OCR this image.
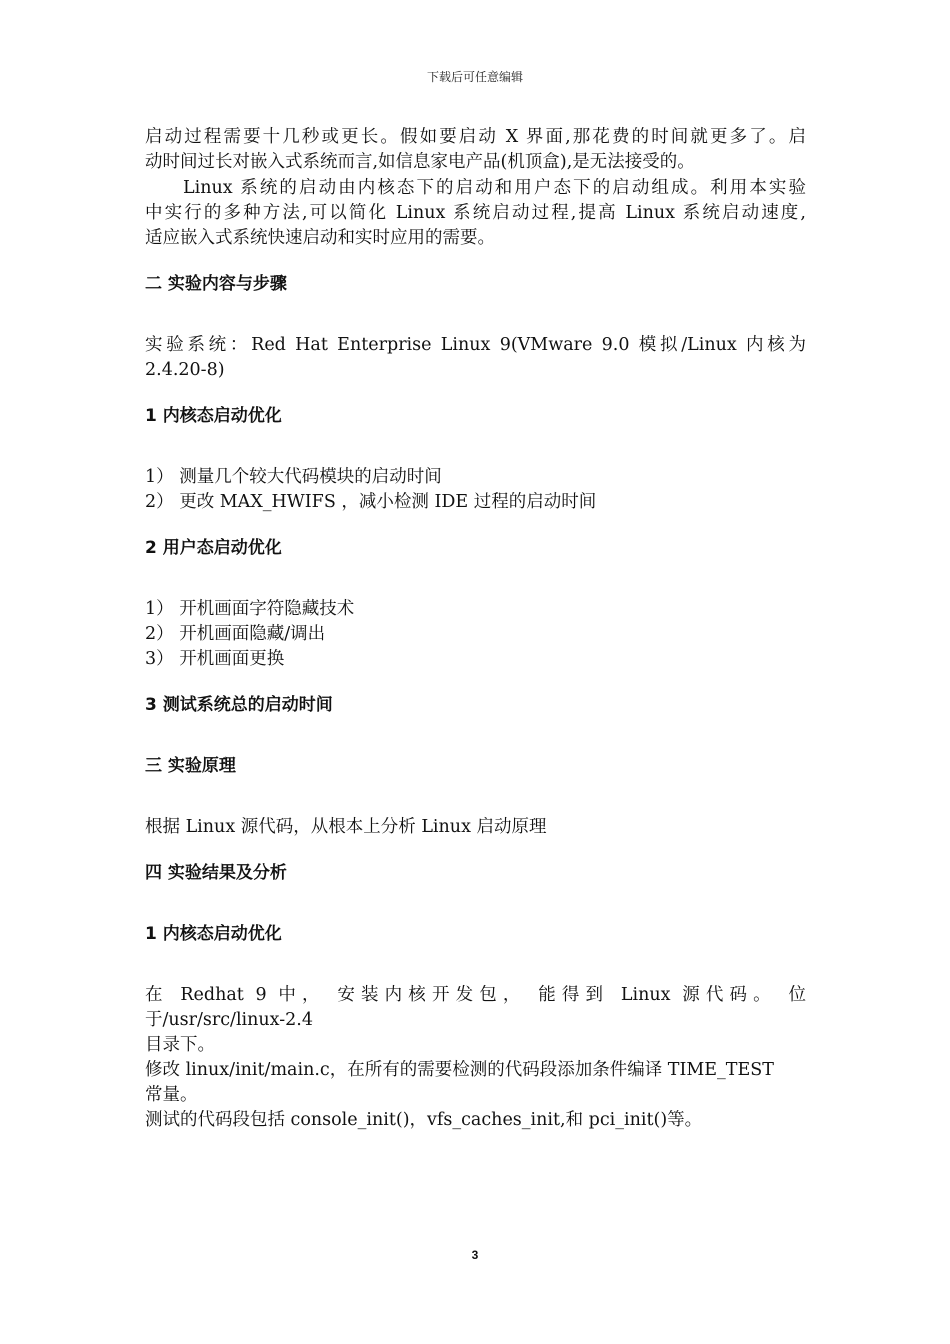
下载后可任意编辑
启动过程需要十几秒或更长。假如要启动 X 界面,那花费的时间就更多了。启
动时间过长对嵌入式系统而言,如信息家电产品(机顶盒),是无法接受的。
Linux 系统的启动由内核态下的启动和用户态下的启动组成。利用本实验
中实行的多种方法,可以简化 Linux 系统启动过程,提高 Linux 系统启动速度,
适应嵌入式系统快速启动和实时应用的需要。
二 实验内容与步骤
实验系统：Red Hat Enterprise Linux 9(VMware 9.0 模拟/Linux 内核为
2.4.20-8)
1 内核态启动优化
1） 测量几个较大代码模块的启动时间
2） 更改 MAX_HWIFS ，减小检测 IDE 过程的启动时间
2 用户态启动优化
1） 开机画面字符隐藏技术
2） 开机画面隐藏/调出
3） 开机画面更换
3 测试系统总的启动时间
三 实验原理
根据 Linux 源代码，从根本上分析 Linux 启动原理
四 实验结果及分析
1 内核态启动优化
在 Redhat 9 中， 安装内核开发包， 能得到 Linux 源代码。 位
于/usr/src/linux-2.4
目录下。
修改 linux/init/main.c，在所有的需要检测的代码段添加条件编译 TIME_TEST
常量。
测试的代码段包括 console_init()，vfs_caches_init,和 pci_init()等。
3
